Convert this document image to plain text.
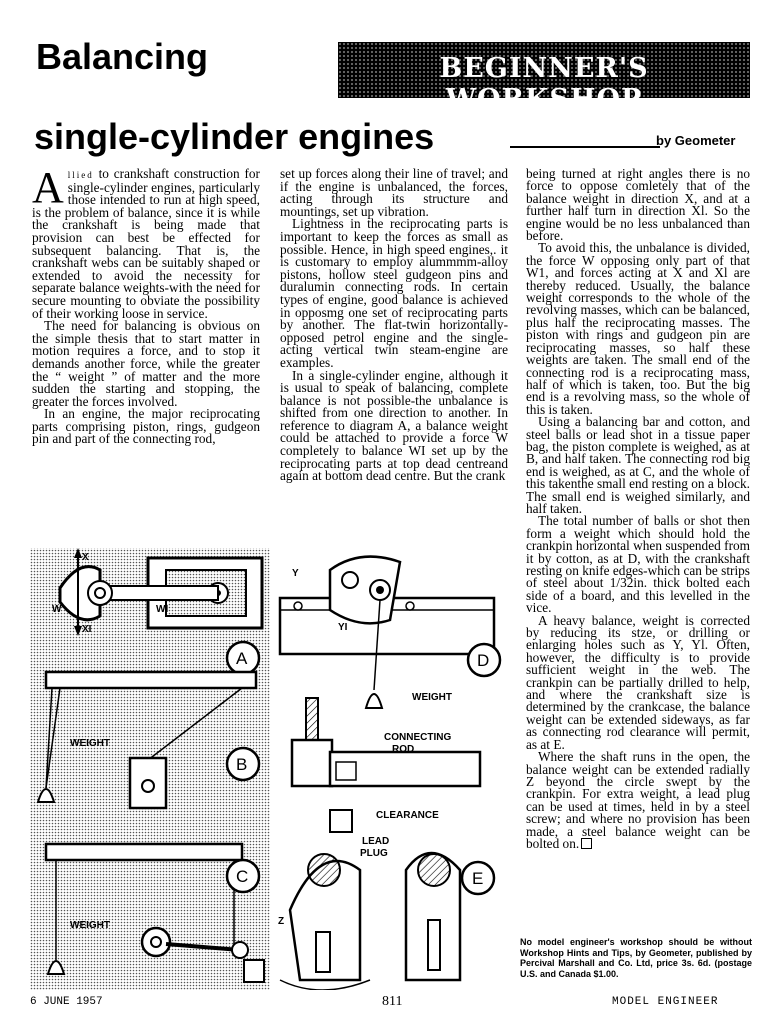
Balancing	BEGINNER'S WORKSHOP
single-cylinder engines	by Geometer

Allied to crankshaft construction for single-cylinder engines, particularly those intended to run at high speed, is the problem of balance, since it is while the crankshaft is being made that provision can best be effected for subsequent balancing. That is, the crankshaft webs can be suitably shaped or extended to avoid the necessity for separate balance weights-with the need for secure mounting to obviate the possibility of their working loose in service.

The need for balancing is obvious on the simple thesis that to start matter in motion requires a force, and to stop it demands another force, while the greater the “ weight ” of matter and the more sudden the starting and stopping, the greater the forces involved.

In an engine, the major reciprocating parts comprising piston, rings, gudgeon pin and part of the connecting rod,

set up forces along their line of travel; and if the engine is unbalanced, the forces, acting through its structure and mountings, set up vibration.

Lightness in the reciprocating parts is important to keep the forces as small as possible. Hence, in high speed engines,. it is customary to employ alummmm-alloy pistons, hollow steel gudgeon pins and duralumin connecting rods. In certain types of engine, good balance is achieved in opposmg one set of reciprocating parts by another. The flat-twin horizontally-opposed petrol engine and the single-acting vertical twin steam-engine are examples.

In a single-cylinder engine, although it is usual to speak of balancing, complete balance is not possible-the unbalance is shifted from one direction to another. In reference to diagram A, a balance weight could be attached to provide a force W completely to balance WI set up by the reciprocating parts at top dead centreand again at bottom dead centre. But the crank

being turned at right angles there is no force to oppose comletely that of the balance weight in direction X, and at a further half turn in direction Xl. So the engine would be no less unbalanced than before.

To avoid this, the unbalance is divided, the force W opposing only part of that W1, and forces acting at X and Xl are thereby reduced. Usually, the balance weight corresponds to the whole of the revolving masses, which can be balanced, plus half the reciprocating masses. The piston with rings and gudgeon pin are reciprocating masses, so half these weights are taken. The small end of the connecting rod is a reciprocating mass, half of which is taken, too. But the big end is a revolving mass, so the whole of this is taken.

Using a balancing bar and cotton, and steel balls or lead shot in a tissue paper bag, the piston complete is weighed, as at B, and half taken. The connecting rod big end is weighed, as at C, and the whole of this takenthe small end resting on a block. The small end is weighed similarly, and half taken.

The total number of balls or shot then form a weight which should hold the crankpin horizontal when suspended from it by cotton, as at D, with the crankshaft resting on knife edges-which can be strips of steel about 1/32in. thick bolted each side of a board, and this levelled in the vice.

A heavy balance, weight is corrected by reducing its stze, or drilling or enlarging holes such as Y, Yl. Often, however, the difficulty is to provide sufficient weight in the web. The crankpin can be partially drilled to help, and where the crankshaft size is determined by the crankcase, the balance weight can be extended sideways, as far as connecting rod clearance will permit, as at E.

Where the shaft runs in the open, the balance weight can be extended radially Z beyond the circle swept by the crankpin. For extra weight, a lead plug can be used at times, held in by a steel screw; and where no provision has been made, a steel balance weight can be bolted on.

X
W	WI
XI
A
WEIGHT
B
WEIGHT
C
Y
YI
WEIGHT
D
CONNECTING
ROD
CLEARANCE
LEAD
PLUG
Z
E
No model engineer's workshop should be without Workshop Hints and Tips, by Geometer, published by Percival Marshall and Co. Ltd, price 3s. 6d. (postage U.S. and Canada $1.00.
6 JUNE 1957	811	MODEL ENGINEER
